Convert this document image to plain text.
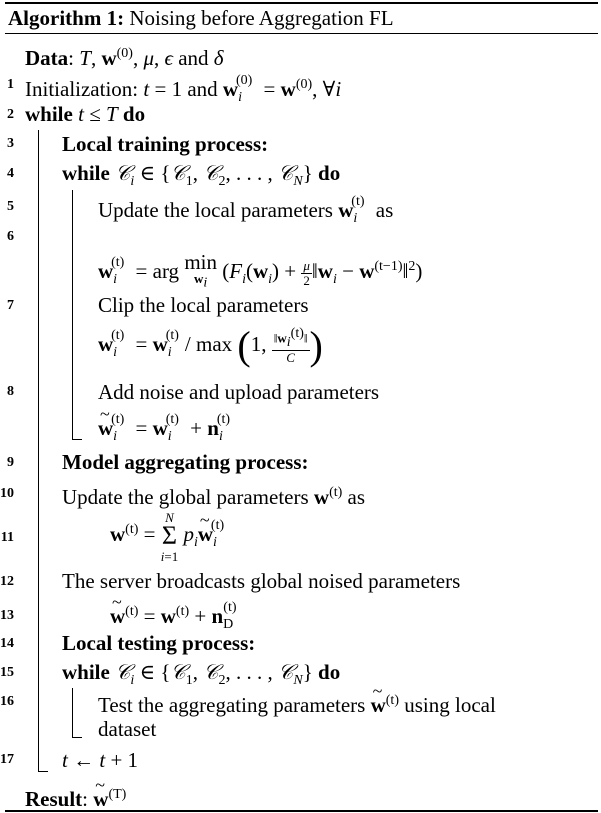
Algorithm 1: Noising before Aggregation FL
Data: T, $w^{(0)}$, μ, ϵ and δ
1
2
3
4
5
6
7
8
9
10
11
12
13
14
15
16
17
Initialization: t = 1 and $w_i^{(0)} = w^{(0)}$, ∀i
while t ≤ T do
Local training process:
while 𝒞$_i$ ∈ {𝒞$_1$, 𝒞$_2$, . . . , 𝒞$_N$} do
Update the local parameters $w_i^{(t)}$ as
$w_i^{(t)}$ = arg min
$w_i$ ($F_i(w_i) + \frac{\mu}{2}$ $‖w_i$ − $w^{(t-1)}‖^2$)
Clip the local parameters
$w_i^{(t)} = w_i^{(t)} / \max (1$, $\frac{‖w_i^{(t)}‖}{C}$ )
Add noise and upload parameters
~ $w_i^{(t)} = w_i^{(t)} + n_i^{(t)}$
Model aggregating process:
Update the global parameters $w^{(t)}$ as
$w^{(t)} = N$
Σ
i=1 $p_i\sim$ $w_i^{(t)}$
The server broadcasts global noised parameters
~ $w^{(t)} = w^{(t)} + n_D^{(t)}$
Local testing process:
while 𝒞$_i$ ∈ {𝒞$_1$, 𝒞$_2$, . . . , 𝒞$_N$} do
Test the aggregating parameters ~ $w^{(t)}$ using local
dataset
t ← t + 1
Result: ~ $w^{(T)}$
